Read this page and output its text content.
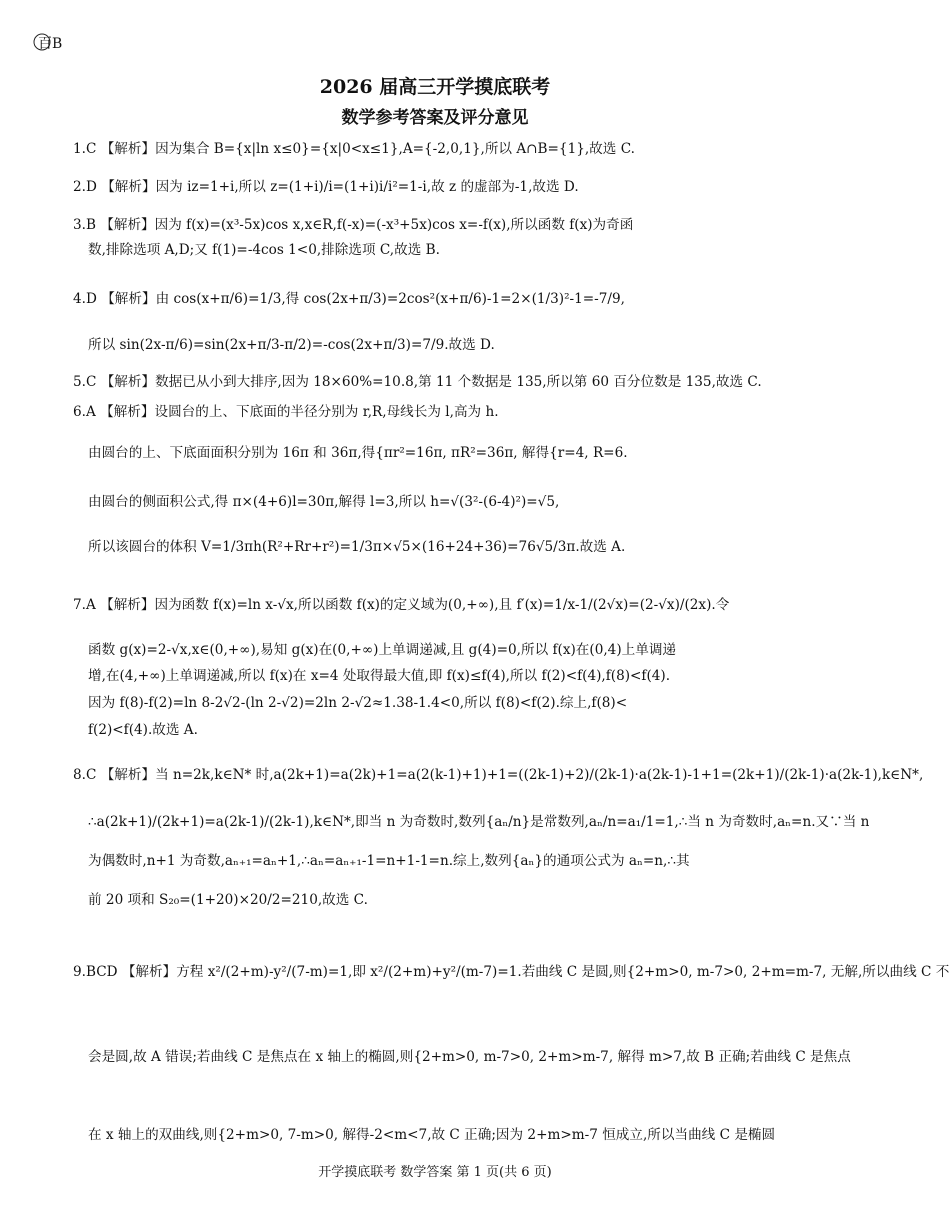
百B
2026 届高三开学摸底联考
数学参考答案及评分意见
1.C 【解析】因为集合 B={x|ln x≤0}={x|0<x≤1},A={-2,0,1},所以 A∩B={1},故选 C.
2.D 【解析】因为 iz=1+i,所以 z=(1+i)/i=(1+i)i/i²=1-i,故 z 的虚部为-1,故选 D.
3.B 【解析】因为 f(x)=(x³-5x)cos x,x∈R,f(-x)=(-x³+5x)cos x=-f(x),所以函数 f(x)为奇函
数,排除选项 A,D;又 f(1)=-4cos 1<0,排除选项 C,故选 B.
4.D 【解析】由 cos(x+π/6)=1/3,得 cos(2x+π/3)=2cos²(x+π/6)-1=2×(1/3)²-1=-7/9,
所以 sin(2x-π/6)=sin(2x+π/3-π/2)=-cos(2x+π/3)=7/9.故选 D.
5.C 【解析】数据已从小到大排序,因为 18×60%=10.8,第 11 个数据是 135,所以第 60 百分位数是 135,故选 C.
6.A 【解析】设圆台的上、下底面的半径分别为 r,R,母线长为 l,高为 h.
由圆台的上、下底面面积分别为 16π 和 36π,得{πr²=16π, πR²=36π, 解得{r=4, R=6.
由圆台的侧面积公式,得 π×(4+6)l=30π,解得 l=3,所以 h=√(3²-(6-4)²)=√5,
所以该圆台的体积 V=1/3πh(R²+Rr+r²)=1/3π×√5×(16+24+36)=76√5/3π.故选 A.
7.A 【解析】因为函数 f(x)=ln x-√x,所以函数 f(x)的定义域为(0,+∞),且 f′(x)=1/x-1/(2√x)=(2-√x)/(2x).令
函数 g(x)=2-√x,x∈(0,+∞),易知 g(x)在(0,+∞)上单调递减,且 g(4)=0,所以 f(x)在(0,4)上单调递
增,在(4,+∞)上单调递减,所以 f(x)在 x=4 处取得最大值,即 f(x)≤f(4),所以 f(2)<f(4),f(8)<f(4).
因为 f(8)-f(2)=ln 8-2√2-(ln 2-√2)=2ln 2-√2≈1.38-1.4<0,所以 f(8)<f(2).综上,f(8)<
f(2)<f(4).故选 A.
8.C 【解析】当 n=2k,k∈N* 时,a(2k+1)=a(2k)+1=a(2(k-1)+1)+1=((2k-1)+2)/(2k-1)·a(2k-1)-1+1=(2k+1)/(2k-1)·a(2k-1),k∈N*,
∴a(2k+1)/(2k+1)=a(2k-1)/(2k-1),k∈N*,即当 n 为奇数时,数列{aₙ/n}是常数列,aₙ/n=a₁/1=1,∴当 n 为奇数时,aₙ=n.又∵当 n
为偶数时,n+1 为奇数,aₙ₊₁=aₙ+1,∴aₙ=aₙ₊₁-1=n+1-1=n.综上,数列{aₙ}的通项公式为 aₙ=n,∴其
前 20 项和 S₂₀=(1+20)×20/2=210,故选 C.
9.BCD 【解析】方程 x²/(2+m)-y²/(7-m)=1,即 x²/(2+m)+y²/(m-7)=1.若曲线 C 是圆,则{2+m>0, m-7>0, 2+m=m-7, 无解,所以曲线 C 不
会是圆,故 A 错误;若曲线 C 是焦点在 x 轴上的椭圆,则{2+m>0, m-7>0, 2+m>m-7, 解得 m>7,故 B 正确;若曲线 C 是焦点
在 x 轴上的双曲线,则{2+m>0, 7-m>0, 解得-2<m<7,故 C 正确;因为 2+m>m-7 恒成立,所以当曲线 C 是椭圆
开学摸底联考 数学答案 第 1 页(共 6 页)
